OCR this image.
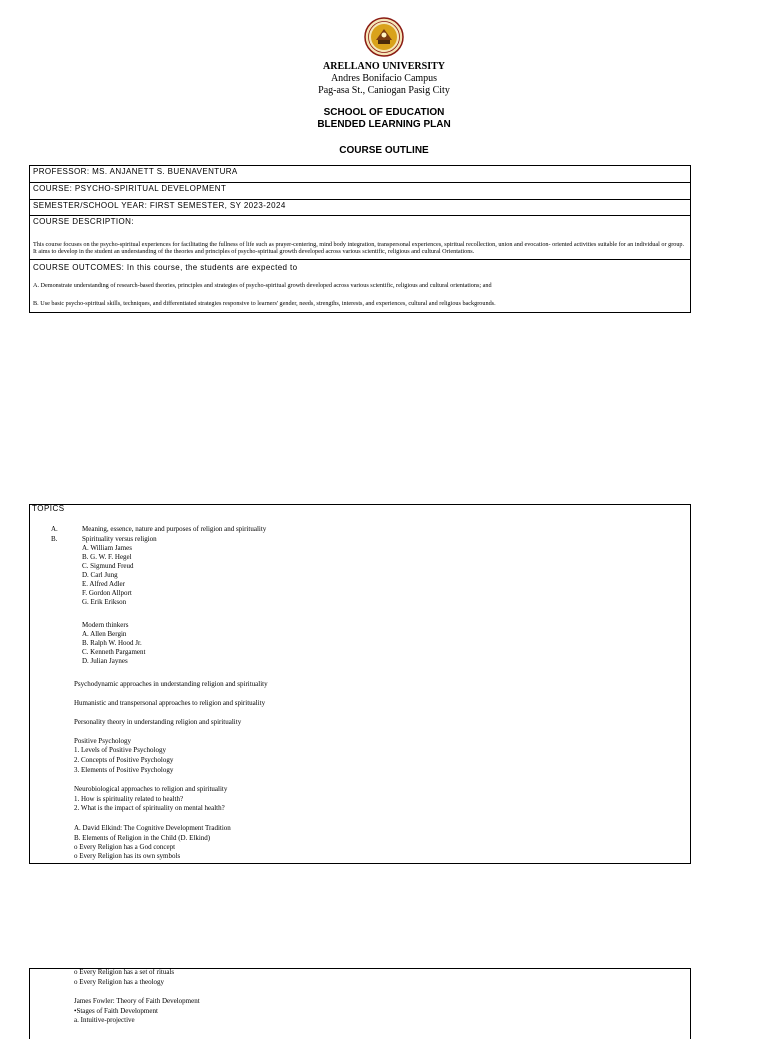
ARELLANO UNIVERSITY
Andres Bonifacio Campus
Pag-asa St., Caniogan Pasig City
SCHOOL OF EDUCATION
BLENDED LEARNING PLAN
COURSE OUTLINE
PROFESSOR: MS. ANJANETT S. BUENAVENTURA
COURSE: PSYCHO-SPIRITUAL DEVELOPMENT
SEMESTER/SCHOOL YEAR: FIRST SEMESTER, SY 2023-2024

COURSE DESCRIPTION:
This course focuses on the psycho-spiritual experiences for facilitating the fullness of life such as prayer-centering, mind body integration, transpersonal experiences, spiritual recollection, union and evocation- oriented activities suitable for an individual or group. It aims to develop in the student an understanding of the theories and principles of psycho-spiritual growth developed across various scientific, religious and cultural Orientations.

COURSE OUTCOMES: In this course, the students are expected to
A. Demonstrate understanding of research-based theories, principles and strategies of psycho-spiritual growth developed across various scientific, religious and cultural orientations; and
B. Use basic psycho-spiritual skills, techniques, and differentiated strategies responsive to learners' gender, needs, strengths, interests, and experiences, cultural and religious backgrounds.
TOPICS
A.	Meaning, essence, nature and purposes of religion and spirituality
B.	Spirituality versus religion
A. William James
B. G. W. F. Hegel
C. Sigmund Freud
D. Carl Jung
E. Alfred Adler
F. Gordon Allport
G. Erik Erikson
Modern thinkers
A. Allen Bergin
B. Ralph W. Hood Jr.
C. Kenneth Pargament
D. Julian Jaynes
Psychodynamic approaches in understanding religion and spirituality
Humanistic and transpersonal approaches to religion and spirituality
Personality theory in understanding religion and spirituality
Positive Psychology
1. Levels of Positive Psychology
2. Concepts of Positive Psychology
3. Elements of Positive Psychology
Neurobiological approaches to religion and spirituality
1. How is spirituality related to health?
2. What is the impact of spirituality on mental health?
A. David Elkind: The Cognitive Development Tradition
B. Elements of Religion in the Child (D. Elkind)
o Every Religion has a God concept
o Every Religion has its own symbols
o Every Religion has a set of rituals
o Every Religion has a theology
James Fowler: Theory of Faith Development
•Stages of Faith Development
a. Intuitive-projective
